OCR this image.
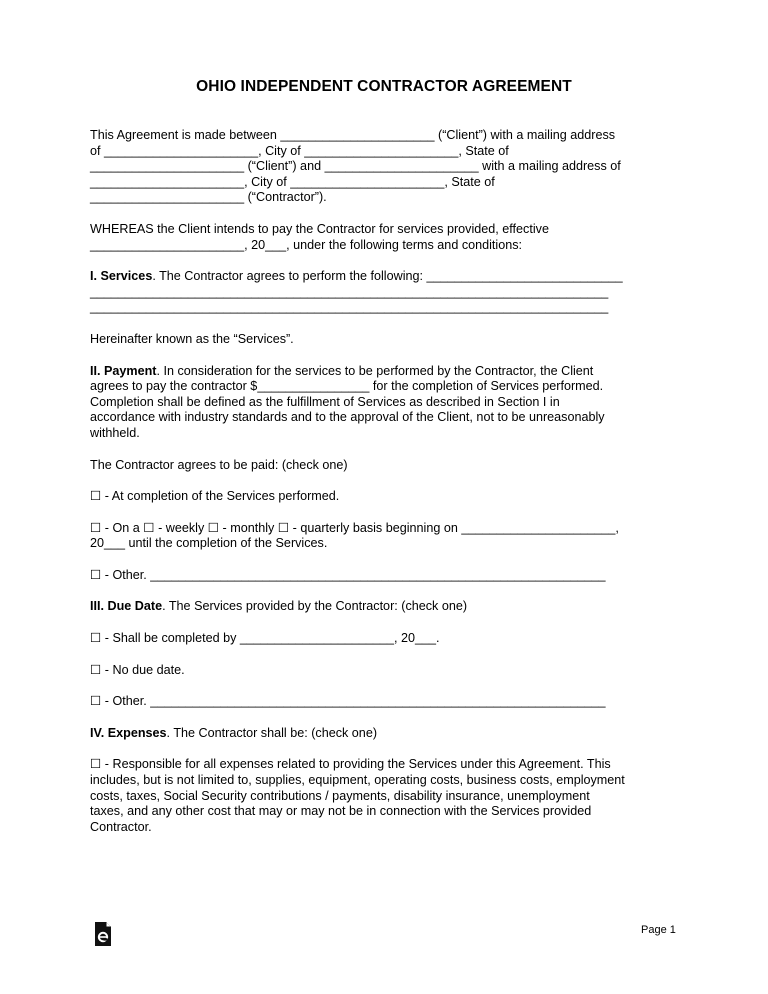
OHIO INDEPENDENT CONTRACTOR AGREEMENT

This Agreement is made between ______________________ (“Client”) with a mailing address

of ______________________, City of ______________________, State of

______________________ (“Client”) and ______________________ with a mailing address of

______________________, City of ______________________, State of

______________________ (“Contractor”).

WHEREAS the Client intends to pay the Contractor for services provided, effective

______________________, 20___, under the following terms and conditions:

I. Services. The Contractor agrees to perform the following: ____________________________

__________________________________________________________________________

__________________________________________________________________________

Hereinafter known as the “Services”.

II. Payment. In consideration for the services to be performed by the Contractor, the Client

agrees to pay the contractor $________________ for the completion of Services performed.

Completion shall be defined as the fulfillment of Services as described in Section I in

accordance with industry standards and to the approval of the Client, not to be unreasonably

withheld.

The Contractor agrees to be paid: (check one)

☐ - At completion of the Services performed.

☐ - On a ☐ - weekly ☐ - monthly ☐ - quarterly basis beginning on ______________________,

20___ until the completion of the Services.

☐ - Other. _________________________________________________________________

III. Due Date. The Services provided by the Contractor: (check one)

☐ - Shall be completed by ______________________, 20___.

☐ - No due date.

☐ - Other. _________________________________________________________________

IV. Expenses. The Contractor shall be: (check one)

☐ - Responsible for all expenses related to providing the Services under this Agreement. This

includes, but is not limited to, supplies, equipment, operating costs, business costs, employment

costs, taxes, Social Security contributions / payments, disability insurance, unemployment

taxes, and any other cost that may or may not be in connection with the Services provided

Contractor.

Page 1
